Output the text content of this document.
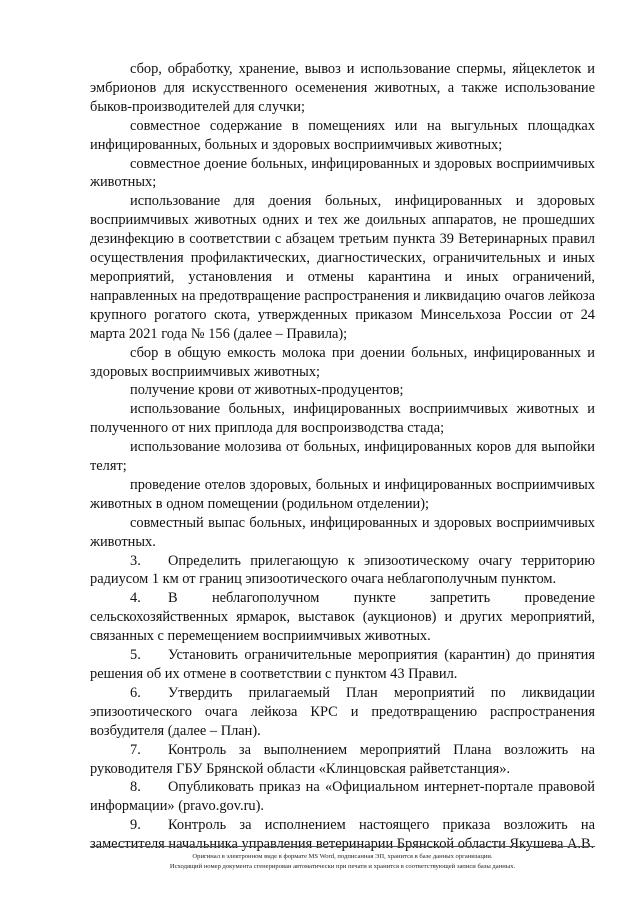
сбор, обработку, хранение, вывоз и использование спермы, яйцеклеток и эмбрионов для искусственного осеменения животных, а также использование быков-производителей для случки;

совместное содержание в помещениях или на выгульных площадках инфицированных, больных и здоровых восприимчивых животных;

совместное доение больных, инфицированных и здоровых восприимчивых животных;

использование для доения больных, инфицированных и здоровых восприимчивых животных одних и тех же доильных аппаратов, не прошедших дезинфекцию в соответствии с абзацем третьим пункта 39 Ветеринарных правил осуществления профилактических, диагностических, ограничительных и иных мероприятий, установления и отмены карантина и иных ограничений, направленных на предотвращение распространения и ликвидацию очагов лейкоза крупного рогатого скота, утвержденных приказом Минсельхоза России от 24 марта 2021 года № 156 (далее – Правила);

сбор в общую емкость молока при доении больных, инфицированных и здоровых восприимчивых животных;

получение крови от животных-продуцентов;

использование больных, инфицированных восприимчивых животных и полученного от них приплода для воспроизводства стада;

использование молозива от больных, инфицированных коров для выпойки телят;

проведение отелов здоровых, больных и инфицированных восприимчивых животных в одном помещении (родильном отделении);

совместный выпас больных, инфицированных и здоровых восприимчивых животных.

3. Определить прилегающую к эпизоотическому очагу территорию радиусом 1 км от границ эпизоотического очага неблагополучным пунктом.

4. В неблагополучном пункте запретить проведение сельскохозяйственных ярмарок, выставок (аукционов) и других мероприятий, связанных с перемещением восприимчивых животных.

5. Установить ограничительные мероприятия (карантин) до принятия решения об их отмене в соответствии с пунктом 43 Правил.

6. Утвердить прилагаемый План мероприятий по ликвидации эпизоотического очага лейкоза КРС и предотвращению распространения возбудителя (далее – План).

7. Контроль за выполнением мероприятий Плана возложить на руководителя ГБУ Брянской области «Клинцовская райветстанция».

8. Опубликовать приказ на «Официальном интернет-портале правовой информации» (pravo.gov.ru).

9. Контроль за исполнением настоящего приказа возложить на заместителя начальника управления ветеринарии Брянской области Якушева А.В.

Оригинал в электронном виде в формате MS Word, подписанная ЭП, хранится в базе данных организации.
Исходящий номер документа сгенерирован автоматически при печати и хранится в соответствующей записи базы данных.
